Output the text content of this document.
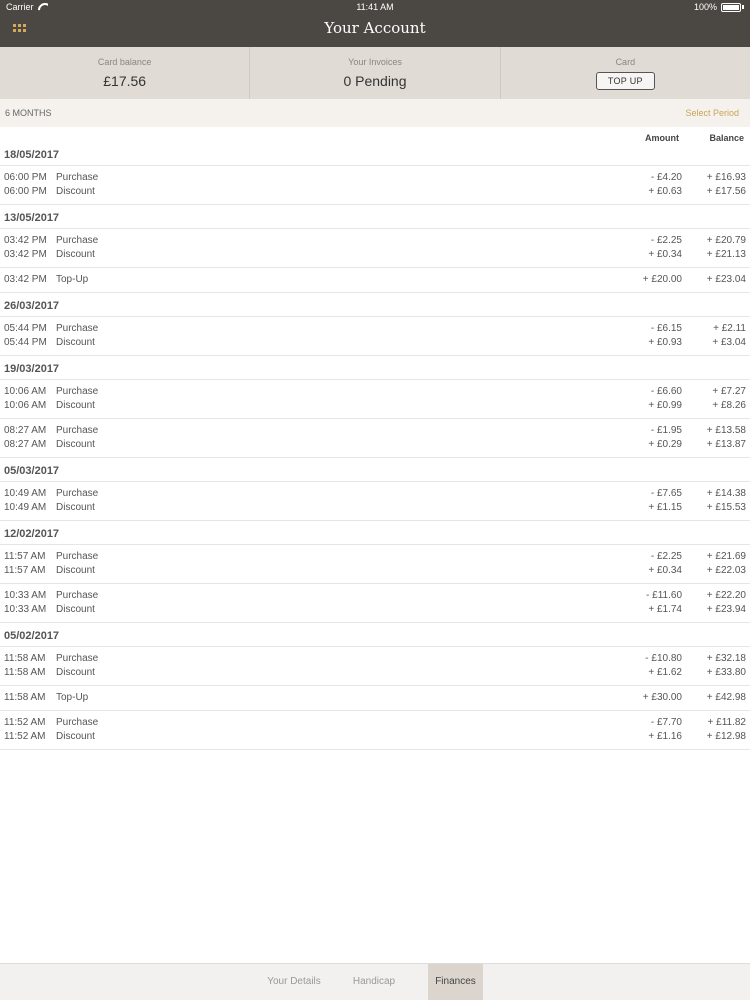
Carrier	11:41 AM	100%
Your Account
Card balance
£17.56
Your Invoices
0 Pending
Card
TOP UP
6 MONTHS	Select Period
Amount	Balance
18/05/2017
06:00 PM Purchase	- £4.20 + £16.93
06:00 PM Discount	+ £0.63 + £17.56
13/05/2017
03:42 PM Purchase	- £2.25 + £20.79
03:42 PM Discount	+ £0.34 + £21.13
03:42 PM Top-Up	+ £20.00 + £23.04
26/03/2017
05:44 PM Purchase	- £6.15	+ £2.11
05:44 PM Discount	+ £0.93	+ £3.04
19/03/2017
10:06 AM Purchase	- £6.60	+ £7.27
10:06 AM Discount	+ £0.99	+ £8.26
08:27 AM Purchase	- £1.95 + £13.58
08:27 AM Discount	+ £0.29 + £13.87
05/03/2017
10:49 AM Purchase	- £7.65 + £14.38
10:49 AM Discount	+ £1.15 + £15.53
12/02/2017
11:57 AM Purchase	- £2.25 + £21.69
11:57 AM Discount	+ £0.34 + £22.03
10:33 AM Purchase	- £11.60 + £22.20
10:33 AM Discount	+ £1.74 + £23.94
05/02/2017
11:58 AM Purchase	- £10.80 + £32.18
11:58 AM Discount	+ £1.62 + £33.80
11:58 AM Top-Up	+ £30.00 + £42.98
11:52 AM Purchase	- £7.70	+ £11.82
11:52 AM Discount	+ £1.16 + £12.98
Your Details	Handicap	Finances
